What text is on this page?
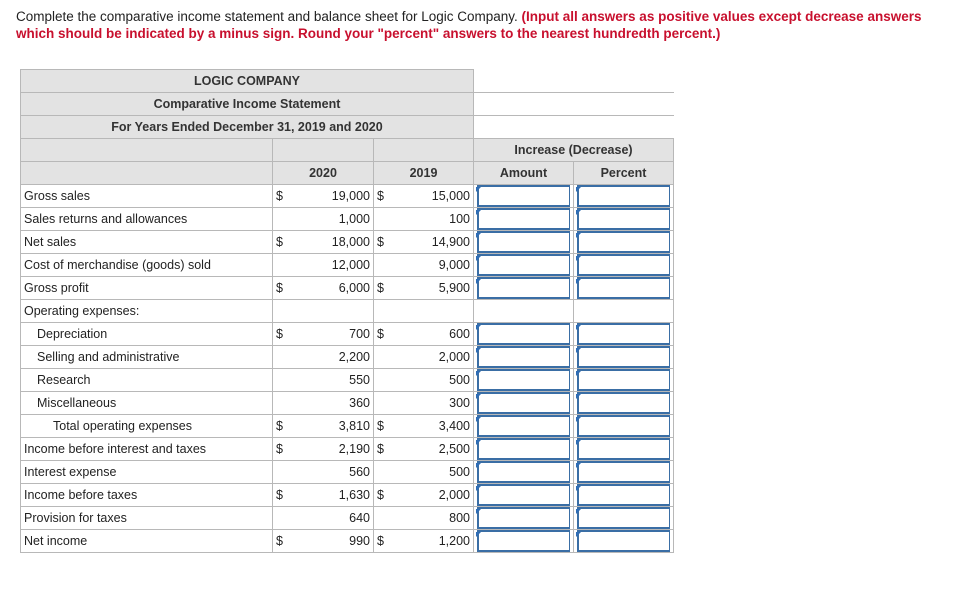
Complete the comparative income statement and balance sheet for Logic Company. (Input all answers as positive values except decrease answers which should be indicated by a minus sign. Round your "percent" answers to the nearest hundredth percent.)
LOGIC COMPANY						
Comparative Income Statement						
For Years Ended December 31, 2019 and 2020						
					Increase (Decrease)	
	2020		2019		Amount	Percent
Gross sales	$	19,000	$	15,000	

Sales returns and allowances		1,000		100	

Net sales	$	18,000	$	14,900	

Cost of merchandise (goods) sold		12,000		9,000	

Gross profit	$	6,000	$	5,900	

Operating expenses:						
Depreciation	$	700	$	600	

Selling and administrative		2,200		2,000	

Research		550		500	

Miscellaneous		360		300	

Total operating expenses	$	3,810	$	3,400	

Income before interest and taxes	$	2,190	$	2,500	

Interest expense		560		500	

Income before taxes	$	1,630	$	2,000	

Provision for taxes		640		800	

Net income	$	990	$	1,200	
